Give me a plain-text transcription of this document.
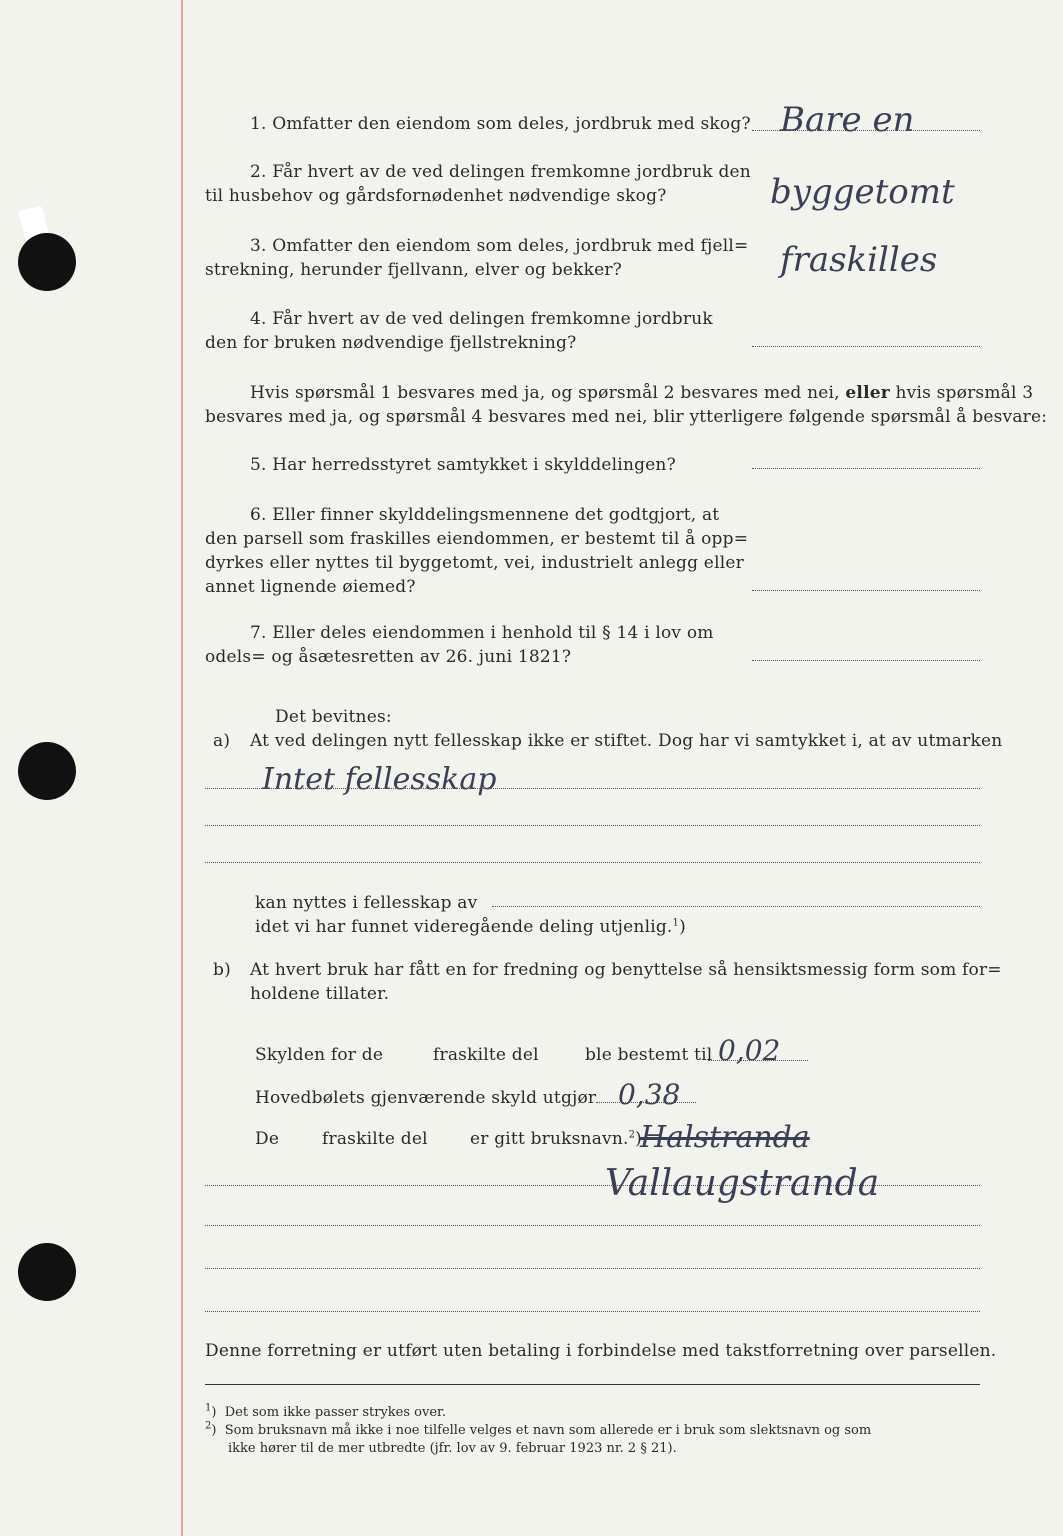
1. Omfatter den eiendom som deles, jordbruk med skog?
2. Får hvert av de ved delingen fremkomne jordbruk den
til husbehov og gårdsfornødenhet nødvendige skog?
3. Omfatter den eiendom som deles, jordbruk med fjell=
strekning, herunder fjellvann, elver og bekker?
4. Får hvert av de ved delingen fremkomne jordbruk
den for bruken nødvendige fjellstrekning?
Bare en
byggetomt
fraskilles
Hvis spørsmål 1 besvares med ja, og spørsmål 2 besvares med nei, eller hvis spørsmål 3
besvares med ja, og spørsmål 4 besvares med nei, blir ytterligere følgende spørsmål å besvare:
5. Har herredsstyret samtykket i skylddelingen?
6. Eller finner skylddelingsmennene det godtgjort, at
den parsell som fraskilles eiendommen, er bestemt til å opp=
dyrkes eller nyttes til byggetomt, vei, industrielt anlegg eller
annet lignende øiemed?
7. Eller deles eiendommen i henhold til § 14 i lov om
odels= og åsætesretten av 26. juni 1821?
Det bevitnes:
a) At ved delingen nytt fellesskap ikke er stiftet. Dog har vi samtykket i, at av utmarken
Intet fellesskap
kan nyttes i fellesskap av
idet vi har funnet videregående deling utjenlig.$^1$)
b) At hvert bruk har fått en for fredning og benyttelse så hensiktsmessig form som for=
holdene tillater.
Skylden for de	fraskilte del	ble bestemt til 0,02
Hovedbølets gjenværende skyld utgjør 0,38
De	fraskilte del er gitt bruksnavn.$^2$)
Halstranda
Vallaugstranda
Denne forretning er utført uten betaling i forbindelse med takstforretning over parsellen.
$^1$)  Det som ikke passer strykes over.
$^2$)  Som bruksnavn må ikke i noe tilfelle velges et navn som allerede er i bruk som slektsnavn og som
ikke hører til de mer utbredte (jfr. lov av 9. februar 1923 nr. 2 § 21).
